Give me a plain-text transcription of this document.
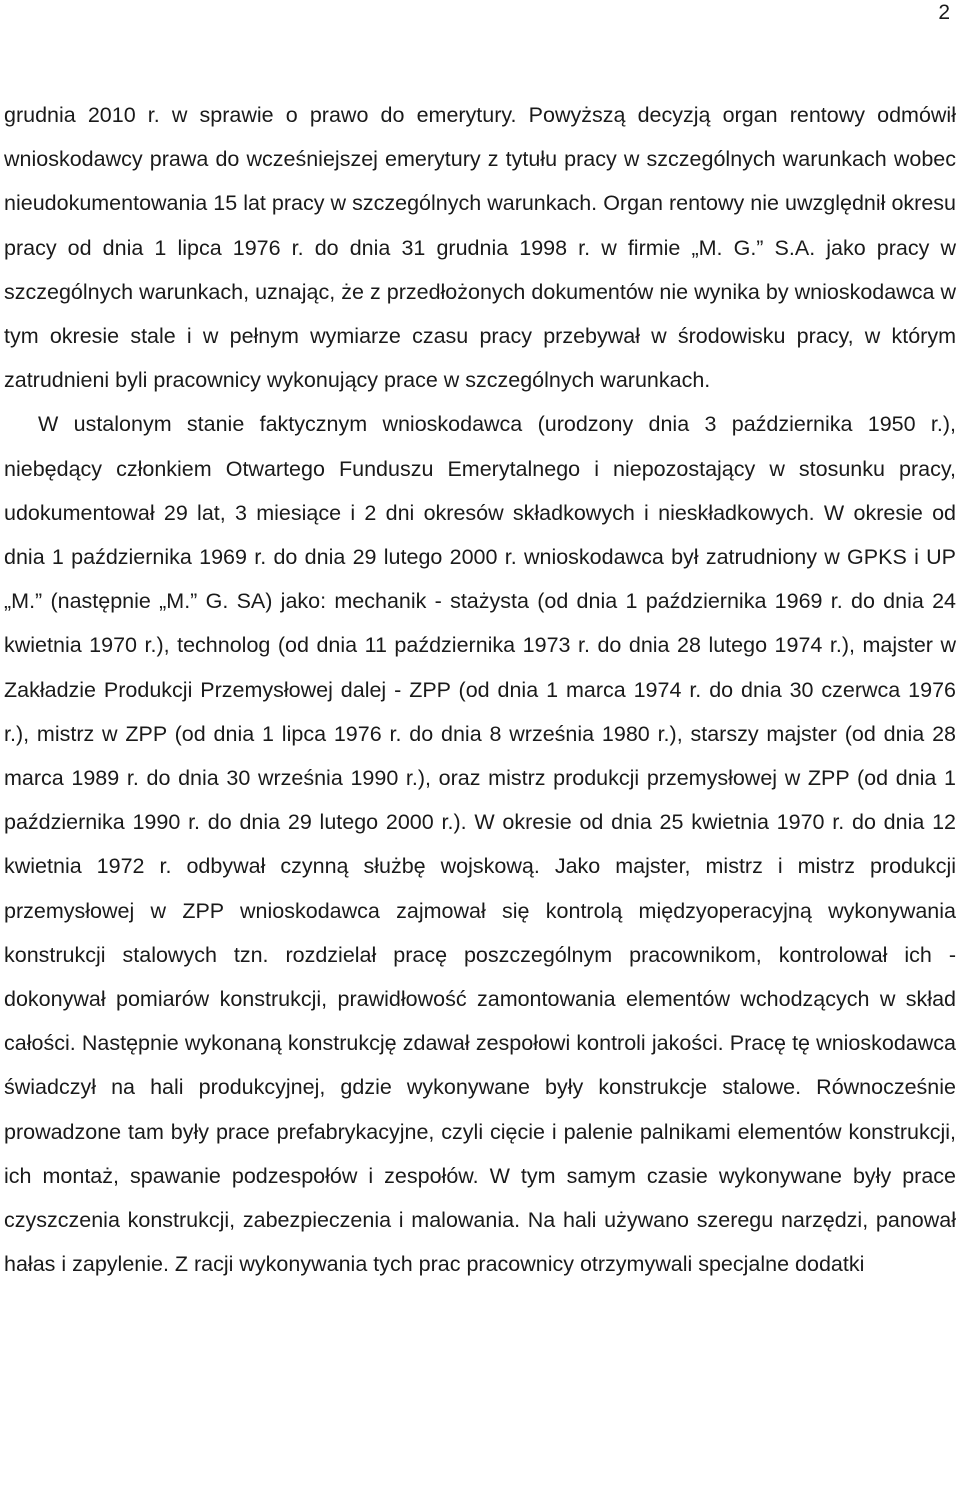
2

grudnia 2010 r. w sprawie o prawo do emerytury. Powyższą decyzją organ rentowy odmówił wnioskodawcy prawa do wcześniejszej emerytury z tytułu pracy w szczególnych warunkach wobec nieudokumentowania 15 lat pracy w szczególnych warunkach. Organ rentowy nie uwzględnił okresu pracy od dnia 1 lipca 1976 r. do dnia 31 grudnia 1998 r. w firmie „M. G.” S.A. jako pracy w szczególnych warunkach, uznając, że z przedłożonych dokumentów nie wynika by wnioskodawca w tym okresie stale i w pełnym wymiarze czasu pracy przebywał w środowisku pracy, w którym zatrudnieni byli pracownicy wykonujący prace w szczególnych warunkach.

W ustalonym stanie faktycznym wnioskodawca (urodzony dnia 3 października 1950 r.), niebędący członkiem Otwartego Funduszu Emerytalnego i niepozostający w stosunku pracy, udokumentował 29 lat, 3 miesiące i 2 dni okresów składkowych i nieskładkowych. W okresie od dnia 1 października 1969 r. do dnia 29 lutego 2000 r. wnioskodawca był zatrudniony w GPKS i UP „M.” (następnie „M.” G. SA) jako: mechanik - stażysta (od dnia 1 października 1969 r. do dnia 24 kwietnia 1970 r.), technolog (od dnia 11 października 1973 r. do dnia 28 lutego 1974 r.), majster w Zakładzie Produkcji Przemysłowej dalej - ZPP (od dnia 1 marca 1974 r. do dnia 30 czerwca 1976 r.), mistrz w ZPP (od dnia 1 lipca 1976 r. do dnia 8 września 1980 r.), starszy majster (od dnia 28 marca 1989 r. do dnia 30 września 1990 r.), oraz mistrz produkcji przemysłowej w ZPP (od dnia 1 października 1990 r. do dnia 29 lutego 2000 r.). W okresie od dnia 25 kwietnia 1970 r. do dnia 12 kwietnia 1972 r. odbywał czynną służbę wojskową. Jako majster, mistrz i mistrz produkcji przemysłowej w ZPP wnioskodawca zajmował się kontrolą międzyoperacyjną wykonywania konstrukcji stalowych tzn. rozdzielał pracę poszczególnym pracownikom, kontrolował ich - dokonywał pomiarów konstrukcji, prawidłowość zamontowania elementów wchodzących w skład całości. Następnie wykonaną konstrukcję zdawał zespołowi kontroli jakości. Pracę tę wnioskodawca świadczył na hali produkcyjnej, gdzie wykonywane były konstrukcje stalowe. Równocześnie prowadzone tam były prace prefabrykacyjne, czyli cięcie i palenie palnikami elementów konstrukcji, ich montaż, spawanie podzespołów i zespołów. W tym samym czasie wykonywane były prace czyszczenia konstrukcji, zabezpieczenia i malowania. Na hali używano szeregu narzędzi, panował hałas i zapylenie. Z racji wykonywania tych prac pracownicy otrzymywali specjalne dodatki
